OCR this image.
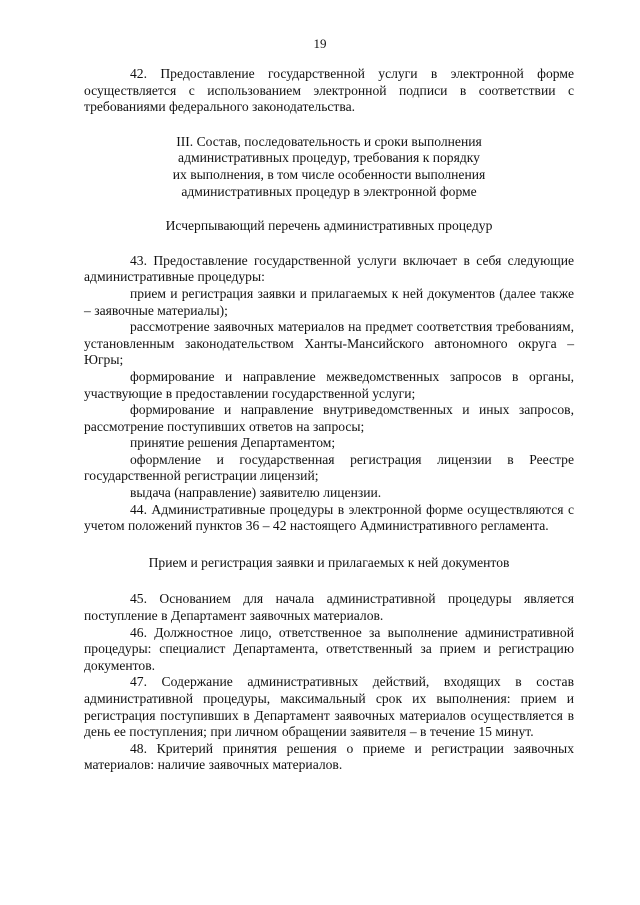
19

42. Предоставление государственной услуги в электронной форме осуществляется с использованием электронной подписи в соответствии с требованиями федерального законодательства.

III. Состав, последовательность и сроки выполнения

административных процедур, требования к порядку

их выполнения, в том числе особенности выполнения

административных процедур в электронной форме

Исчерпывающий перечень административных процедур

43. Предоставление государственной услуги включает в себя следующие административные процедуры:

прием и регистрация заявки и прилагаемых к ней документов (далее также – заявочные материалы);

рассмотрение заявочных материалов на предмет соответствия требованиям, установленным законодательством Ханты-Мансийского автономного округа – Югры;

формирование и направление межведомственных запросов в органы, участвующие в предоставлении государственной услуги;

формирование и направление внутриведомственных и иных запросов, рассмотрение поступивших ответов на запросы;

принятие решения Департаментом;

оформление и государственная регистрация лицензии в Реестре государственной регистрации лицензий;

выдача (направление) заявителю лицензии.

44. Административные процедуры в электронной форме осуществляются с учетом положений пунктов 36 – 42 настоящего Административного регламента.

Прием и регистрация заявки и прилагаемых к ней документов

45. Основанием для начала административной процедуры является поступление в Департамент заявочных материалов.

46. Должностное лицо, ответственное за выполнение административной процедуры: специалист Департамента, ответственный за прием и регистрацию документов.

47. Содержание административных действий, входящих в состав административной процедуры, максимальный срок их выполнения: прием и регистрация поступивших в Департамент заявочных материалов осуществляется в день ее поступления; при личном обращении заявителя – в течение 15 минут.

48. Критерий принятия решения о приеме и регистрации заявочных материалов: наличие заявочных материалов.
